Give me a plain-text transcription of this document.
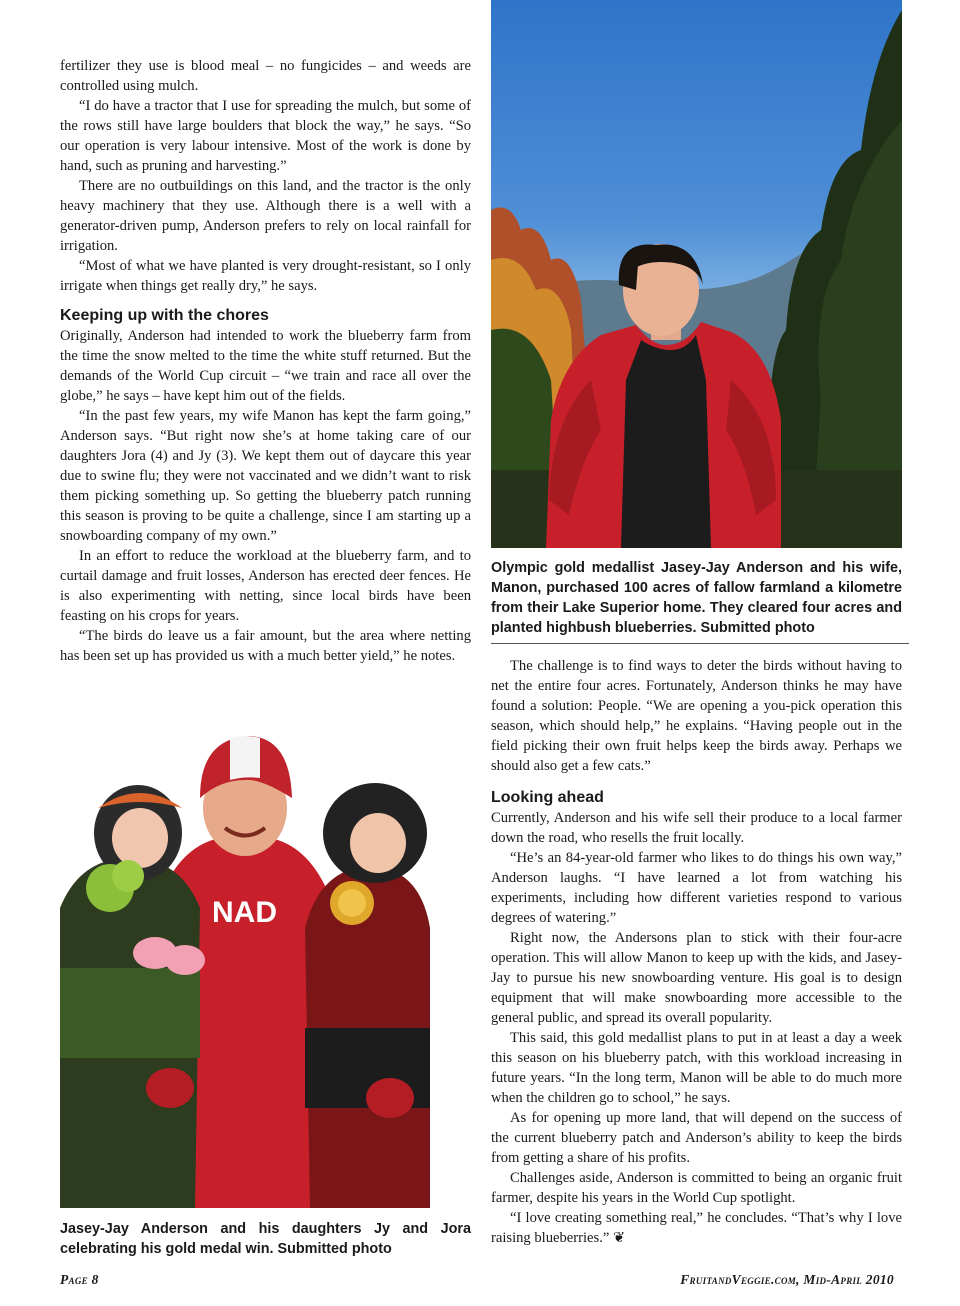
Olympic gold medallist Jasey-Jay Anderson and his wife, Manon, purchased 100 acres of fallow farmland a kilometre from their Lake Superior home. They cleared four acres and planted highbush blueberries. Submitted photo

fertilizer they use is blood meal – no fungicides – and weeds are controlled using mulch.

“I do have a tractor that I use for spreading the mulch, but some of the rows still have large boulders that block the way,” he says. “So our operation is very labour intensive. Most of the work is done by hand, such as pruning and harvesting.”

There are no outbuildings on this land, and the tractor is the only heavy machinery that they use. Although there is a well with a generator-driven pump, Anderson prefers to rely on local rainfall for irrigation.

“Most of what we have planted is very drought-resistant, so I only irrigate when things get really dry,” he says.

Keeping up with the chores

Originally, Anderson had intended to work the blueberry farm from the time the snow melted to the time the white stuff returned. But the demands of the World Cup circuit – “we train and race all over the globe,” he says – have kept him out of the fields.

“In the past few years, my wife Manon has kept the farm going,” Anderson says. “But right now she’s at home taking care of our daughters Jora (4) and Jy (3). We kept them out of daycare this year due to swine flu; they were not vaccinated and we didn’t want to risk them picking something up. So getting the blueberry patch running this season is proving to be quite a challenge, since I am starting up a snowboarding company of my own.”

In an effort to reduce the workload at the blueberry farm, and to curtail damage and fruit losses, Anderson has erected deer fences. He is also experimenting with netting, since local birds have been feasting on his crops for years.

“The birds do leave us a fair amount, but the area where netting has been set up has provided us with a much better yield,” he notes.

NAD

Jasey-Jay Anderson and his daughters Jy and Jora celebrating his gold medal win. Submitted photo

The challenge is to find ways to deter the birds without having to net the entire four acres. Fortunately, Anderson thinks he may have found a solution: People. “We are opening a you-pick operation this season, which should help,” he explains. “Having people out in the field picking their own fruit helps keep the birds away. Perhaps we should also get a few cats.”

Looking ahead

Currently, Anderson and his wife sell their produce to a local farmer down the road, who resells the fruit locally.

“He’s an 84-year-old farmer who likes to do things his own way,” Anderson laughs. “I have learned a lot from watching his experiments, including how different varieties respond to various degrees of watering.”

Right now, the Andersons plan to stick with their four-acre operation. This will allow Manon to keep up with the kids, and Jasey-Jay to pursue his new snowboarding venture. His goal is to design equipment that will make snowboarding more accessible to the general public, and spread its overall popularity.

This said, this gold medallist plans to put in at least a day a week this season on his blueberry patch, with this workload increasing in future years. “In the long term, Manon will be able to do much more when the children go to school,” he says.

As for opening up more land, that will depend on the success of the current blueberry patch and Anderson’s ability to keep the birds from getting a share of his profits.

Challenges aside, Anderson is committed to being an organic fruit farmer, despite his years in the World Cup spotlight.

“I love creating something real,” he concludes. “That’s why I love raising blueberries.” ❦

Page 8	FruitandVeggie.com, Mid-April 2010
